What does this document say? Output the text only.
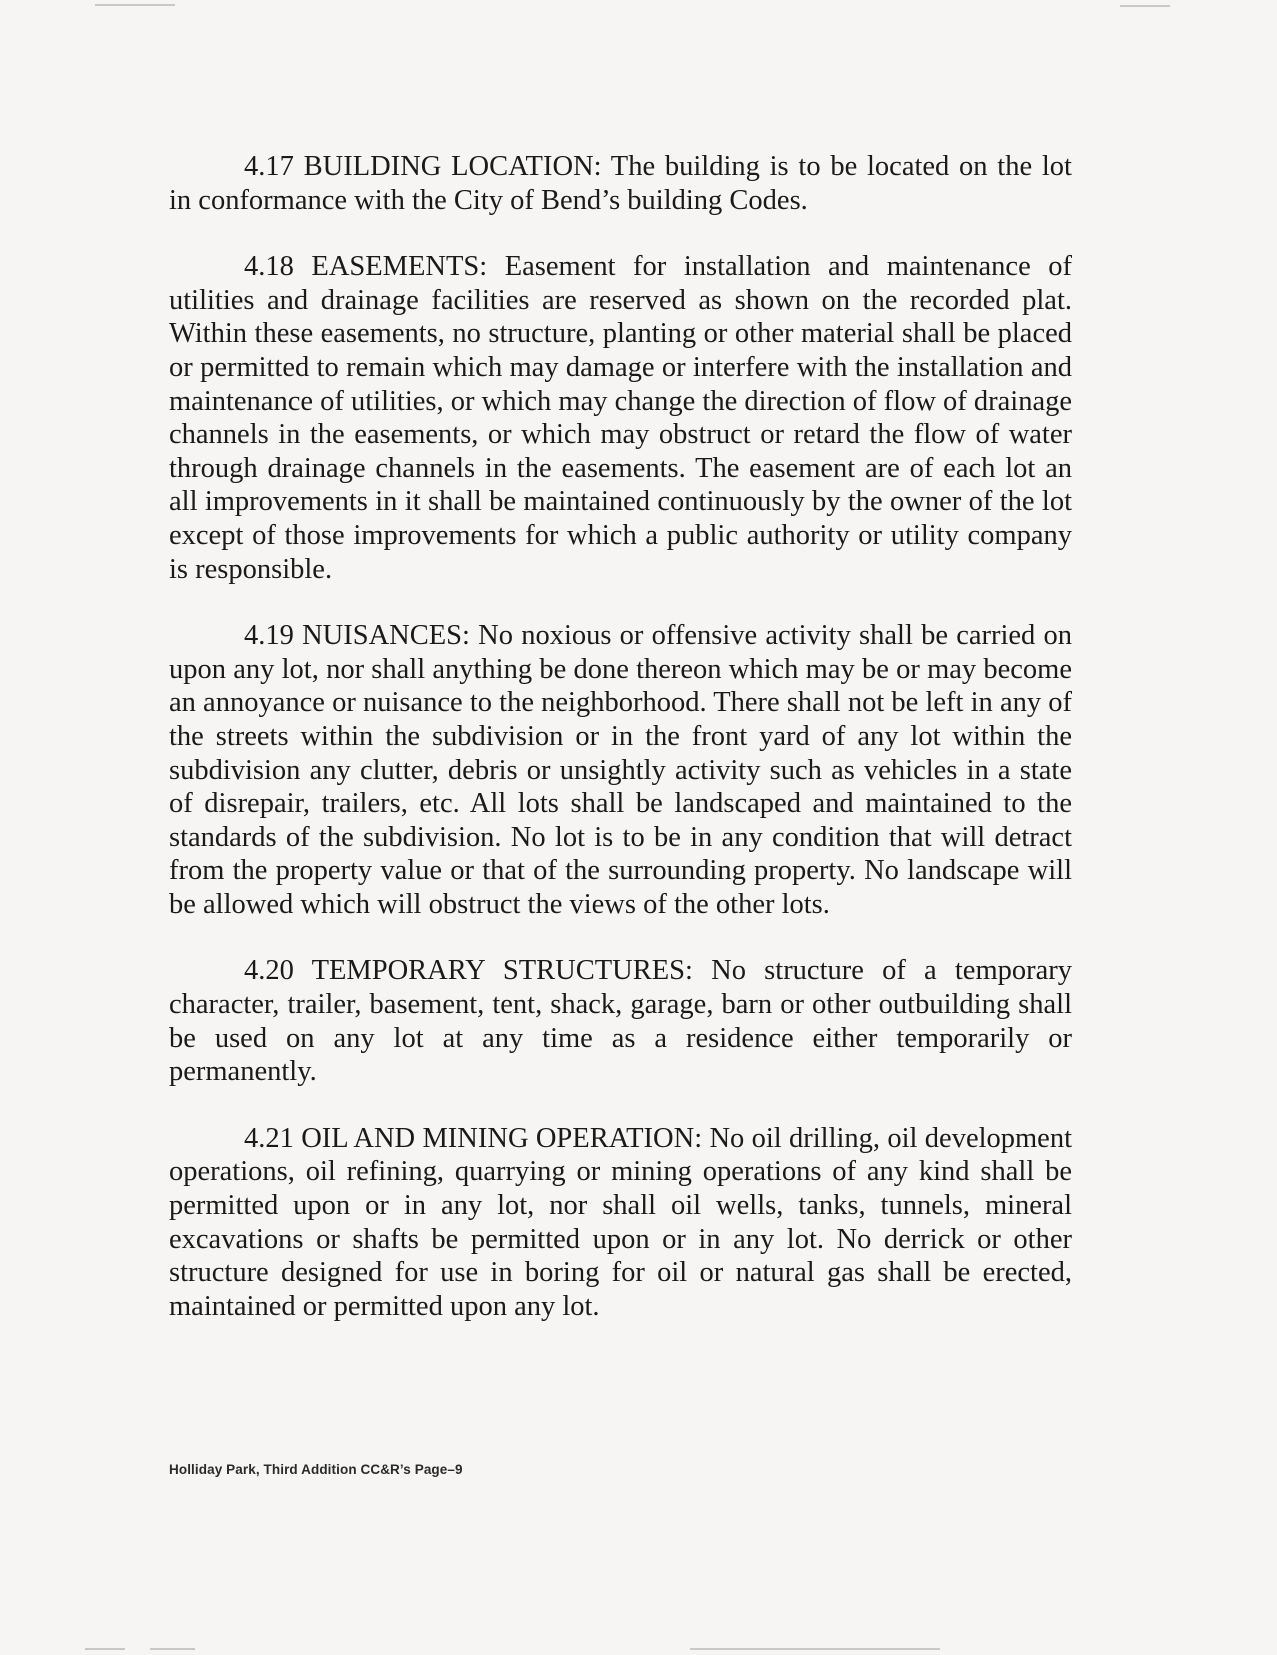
4.17 BUILDING LOCATION: The building is to be located on the lot in conformance with the City of Bend’s building Codes.

4.18 EASEMENTS: Easement for installation and maintenance of utilities and drainage facilities are reserved as shown on the recorded plat. Within these easements, no structure, planting or other material shall be placed or permitted to remain which may damage or interfere with the installation and maintenance of utilities, or which may change the direction of flow of drainage channels in the easements, or which may obstruct or retard the flow of water through drainage channels in the easements. The easement are of each lot an all improvements in it shall be maintained continuously by the owner of the lot except of those improvements for which a public authority or utility company is responsible.

4.19 NUISANCES: No noxious or offensive activity shall be carried on upon any lot, nor shall anything be done thereon which may be or may become an annoyance or nuisance to the neighborhood. There shall not be left in any of the streets within the subdivision or in the front yard of any lot within the subdivision any clutter, debris or unsightly activity such as vehicles in a state of disrepair, trailers, etc. All lots shall be landscaped and maintained to the standards of the subdivision. No lot is to be in any condition that will detract from the property value or that of the surrounding property. No landscape will be allowed which will obstruct the views of the other lots.

4.20 TEMPORARY STRUCTURES: No structure of a temporary character, trailer, basement, tent, shack, garage, barn or other outbuilding shall be used on any lot at any time as a residence either temporarily or permanently.

4.21 OIL AND MINING OPERATION: No oil drilling, oil development operations, oil refining, quarrying or mining operations of any kind shall be permitted upon or in any lot, nor shall oil wells, tanks, tunnels, mineral excavations or shafts be permitted upon or in any lot. No derrick or other structure designed for use in boring for oil or natural gas shall be erected, maintained or permitted upon any lot.

Holliday Park, Third Addition CC&R’s Page–9
